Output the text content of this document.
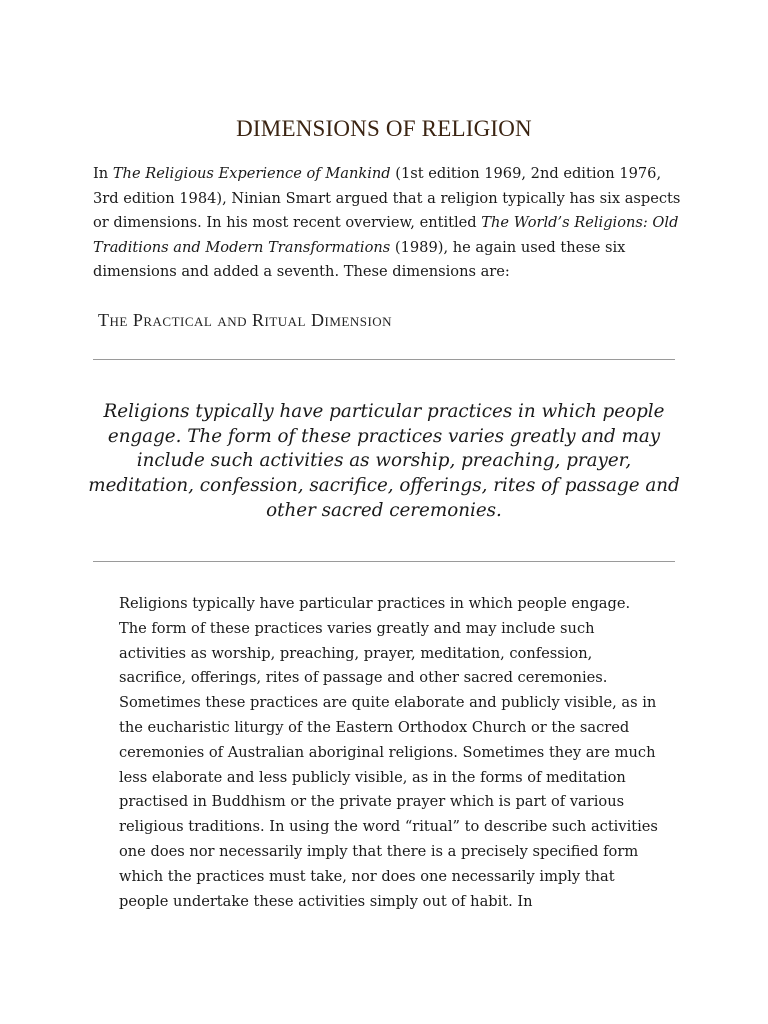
DIMENSIONS OF RELIGION

In The Religious Experience of Mankind (1st edition 1969, 2nd edition 1976, 3rd edition 1984), Ninian Smart argued that a religion typically has six aspects or dimensions. In his most recent overview, entitled The World’s Religions: Old Traditions and Modern Transformations (1989), he again used these six dimensions and added a seventh. These dimensions are:

The Practical and Ritual Dimension

Religions typically have particular practices in which people engage. The form of these practices varies greatly and may include such activities as worship, preaching, prayer, meditation, confession, sacrifice, offerings, rites of passage and other sacred ceremonies.

Religions typically have particular practices in which people engage. The form of these practices varies greatly and may include such activities as worship, preaching, prayer, meditation, confession, sacrifice, offerings, rites of passage and other sacred ceremonies. Sometimes these practices are quite elaborate and publicly visible, as in the eucharistic liturgy of the Eastern Orthodox Church or the sacred ceremonies of Australian aboriginal religions. Sometimes they are much less elaborate and less publicly visible, as in the forms of meditation practised in Buddhism or the private prayer which is part of various religious traditions. In using the word “ritual” to describe such activities one does nor necessarily imply that there is a precisely specified form which the practices must take, nor does one necessarily imply that people undertake these activities simply out of habit. In
